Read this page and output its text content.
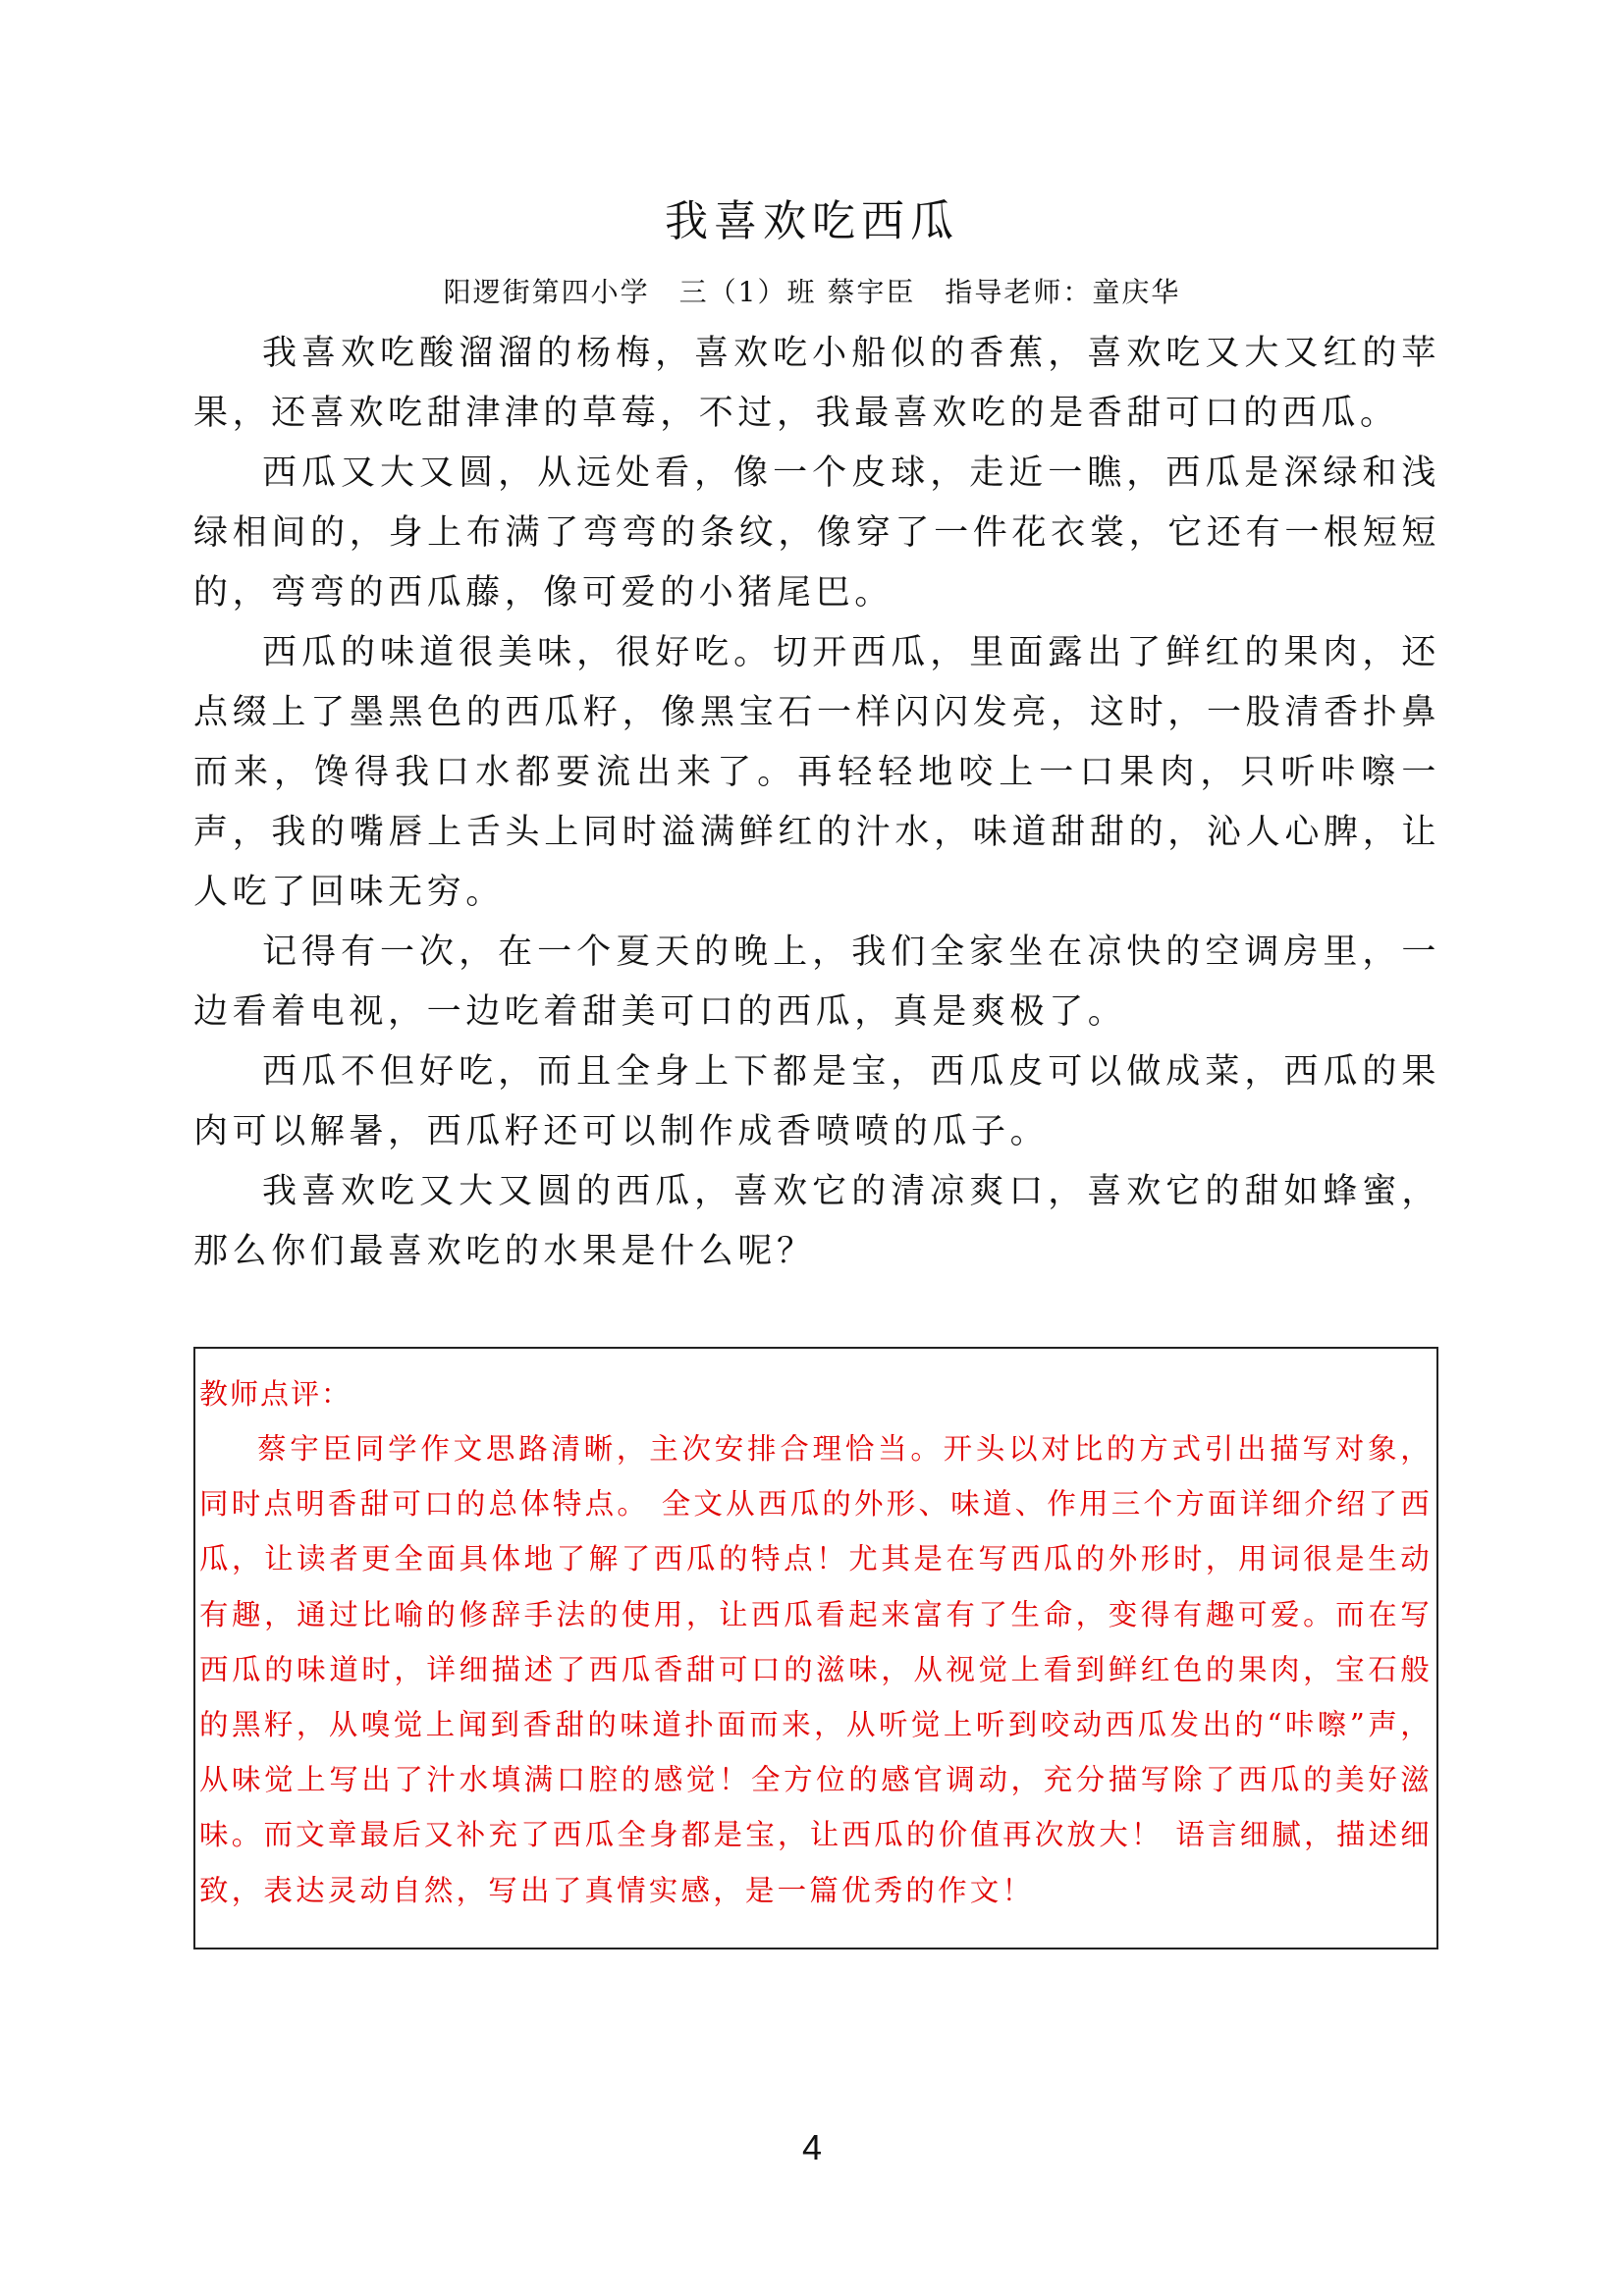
我喜欢吃西瓜
阳逻街第四小学　三（1）班 蔡宇臣　指导老师：童庆华

我喜欢吃酸溜溜的杨梅，喜欢吃小船似的香蕉，喜欢吃又大又红的苹果，还喜欢吃甜津津的草莓，不过，我最喜欢吃的是香甜可口的西瓜。

西瓜又大又圆，从远处看，像一个皮球，走近一瞧，西瓜是深绿和浅绿相间的，身上布满了弯弯的条纹，像穿了一件花衣裳，它还有一根短短的，弯弯的西瓜藤，像可爱的小猪尾巴。

西瓜的味道很美味，很好吃。切开西瓜，里面露出了鲜红的果肉，还点缀上了墨黑色的西瓜籽，像黑宝石一样闪闪发亮，这时，一股清香扑鼻而来，馋得我口水都要流出来了。再轻轻地咬上一口果肉，只听咔嚓一声，我的嘴唇上舌头上同时溢满鲜红的汁水，味道甜甜的，沁人心脾，让人吃了回味无穷。

记得有一次，在一个夏天的晚上，我们全家坐在凉快的空调房里，一边看着电视，一边吃着甜美可口的西瓜，真是爽极了。

西瓜不但好吃，而且全身上下都是宝，西瓜皮可以做成菜，西瓜的果肉可以解暑，西瓜籽还可以制作成香喷喷的瓜子。

我喜欢吃又大又圆的西瓜，喜欢它的清凉爽口，喜欢它的甜如蜂蜜，那么你们最喜欢吃的水果是什么呢？

教师点评：

蔡宇臣同学作文思路清晰，主次安排合理恰当。开头以对比的方式引出描写对象，同时点明香甜可口的总体特点。 全文从西瓜的外形、味道、作用三个方面详细介绍了西瓜，让读者更全面具体地了解了西瓜的特点！尤其是在写西瓜的外形时，用词很是生动有趣，通过比喻的修辞手法的使用，让西瓜看起来富有了生命，变得有趣可爱。而在写西瓜的味道时，详细描述了西瓜香甜可口的滋味，从视觉上看到鲜红色的果肉，宝石般的黑籽，从嗅觉上闻到香甜的味道扑面而来，从听觉上听到咬动西瓜发出的“咔嚓”声，从味觉上写出了汁水填满口腔的感觉！全方位的感官调动，充分描写除了西瓜的美好滋味。而文章最后又补充了西瓜全身都是宝，让西瓜的价值再次放大！ 语言细腻，描述细致，表达灵动自然，写出了真情实感，是一篇优秀的作文！

4
